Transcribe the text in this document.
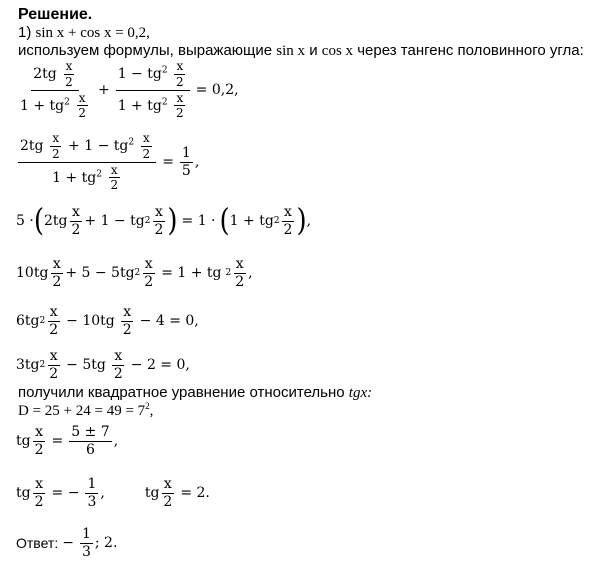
Решение.
1) sin x + cos x = 0,2,
используем формулы, выражающие sin x и cos x через тангенс половинного угла:
$\frac{2tg \frac{x}{2}}{1 + tg^2 \frac{x}{2}} + \frac{1 - tg^2 \frac{x}{2}}{1 + tg^2 \frac{x}{2}} = 0,2$,
$\frac{2tg \frac{x}{2} + 1 - tg^2 \frac{x}{2}}{1 + tg^2 \frac{x}{2}} = \frac{1}{5}$ ,
5 · ( $2tg \frac{x}{2} + 1$ − tg $2 \frac{x}{2}$ ) = 1 · ( 1 + tg $2 \frac{x}{2}$ ) ,
$10tg \frac{x}{2} + 5 - 5tg$ $2 \frac{x}{2} = 1$ + tg $2 \frac{x}{2}$ ,
6tg $2 \frac{x}{2} - 10tg \frac{x}{2} - 4 = 0$,
3tg $2 \frac{x}{2} - 5tg \frac{x}{2} - 2 = 0$,
получили квадратное уравнение относительно tgx:
$D = 25 + 24 = 49 = 7^2$,
tg $\frac{x}{2} = \frac{5 \pm 7}{6}$ ,
tg $\frac{x}{2}$ = − $\frac{1}{3}$ ,	tg $\frac{x}{2} = 2$.
Ответ: − $\frac{1}{3}$ ; 2.
